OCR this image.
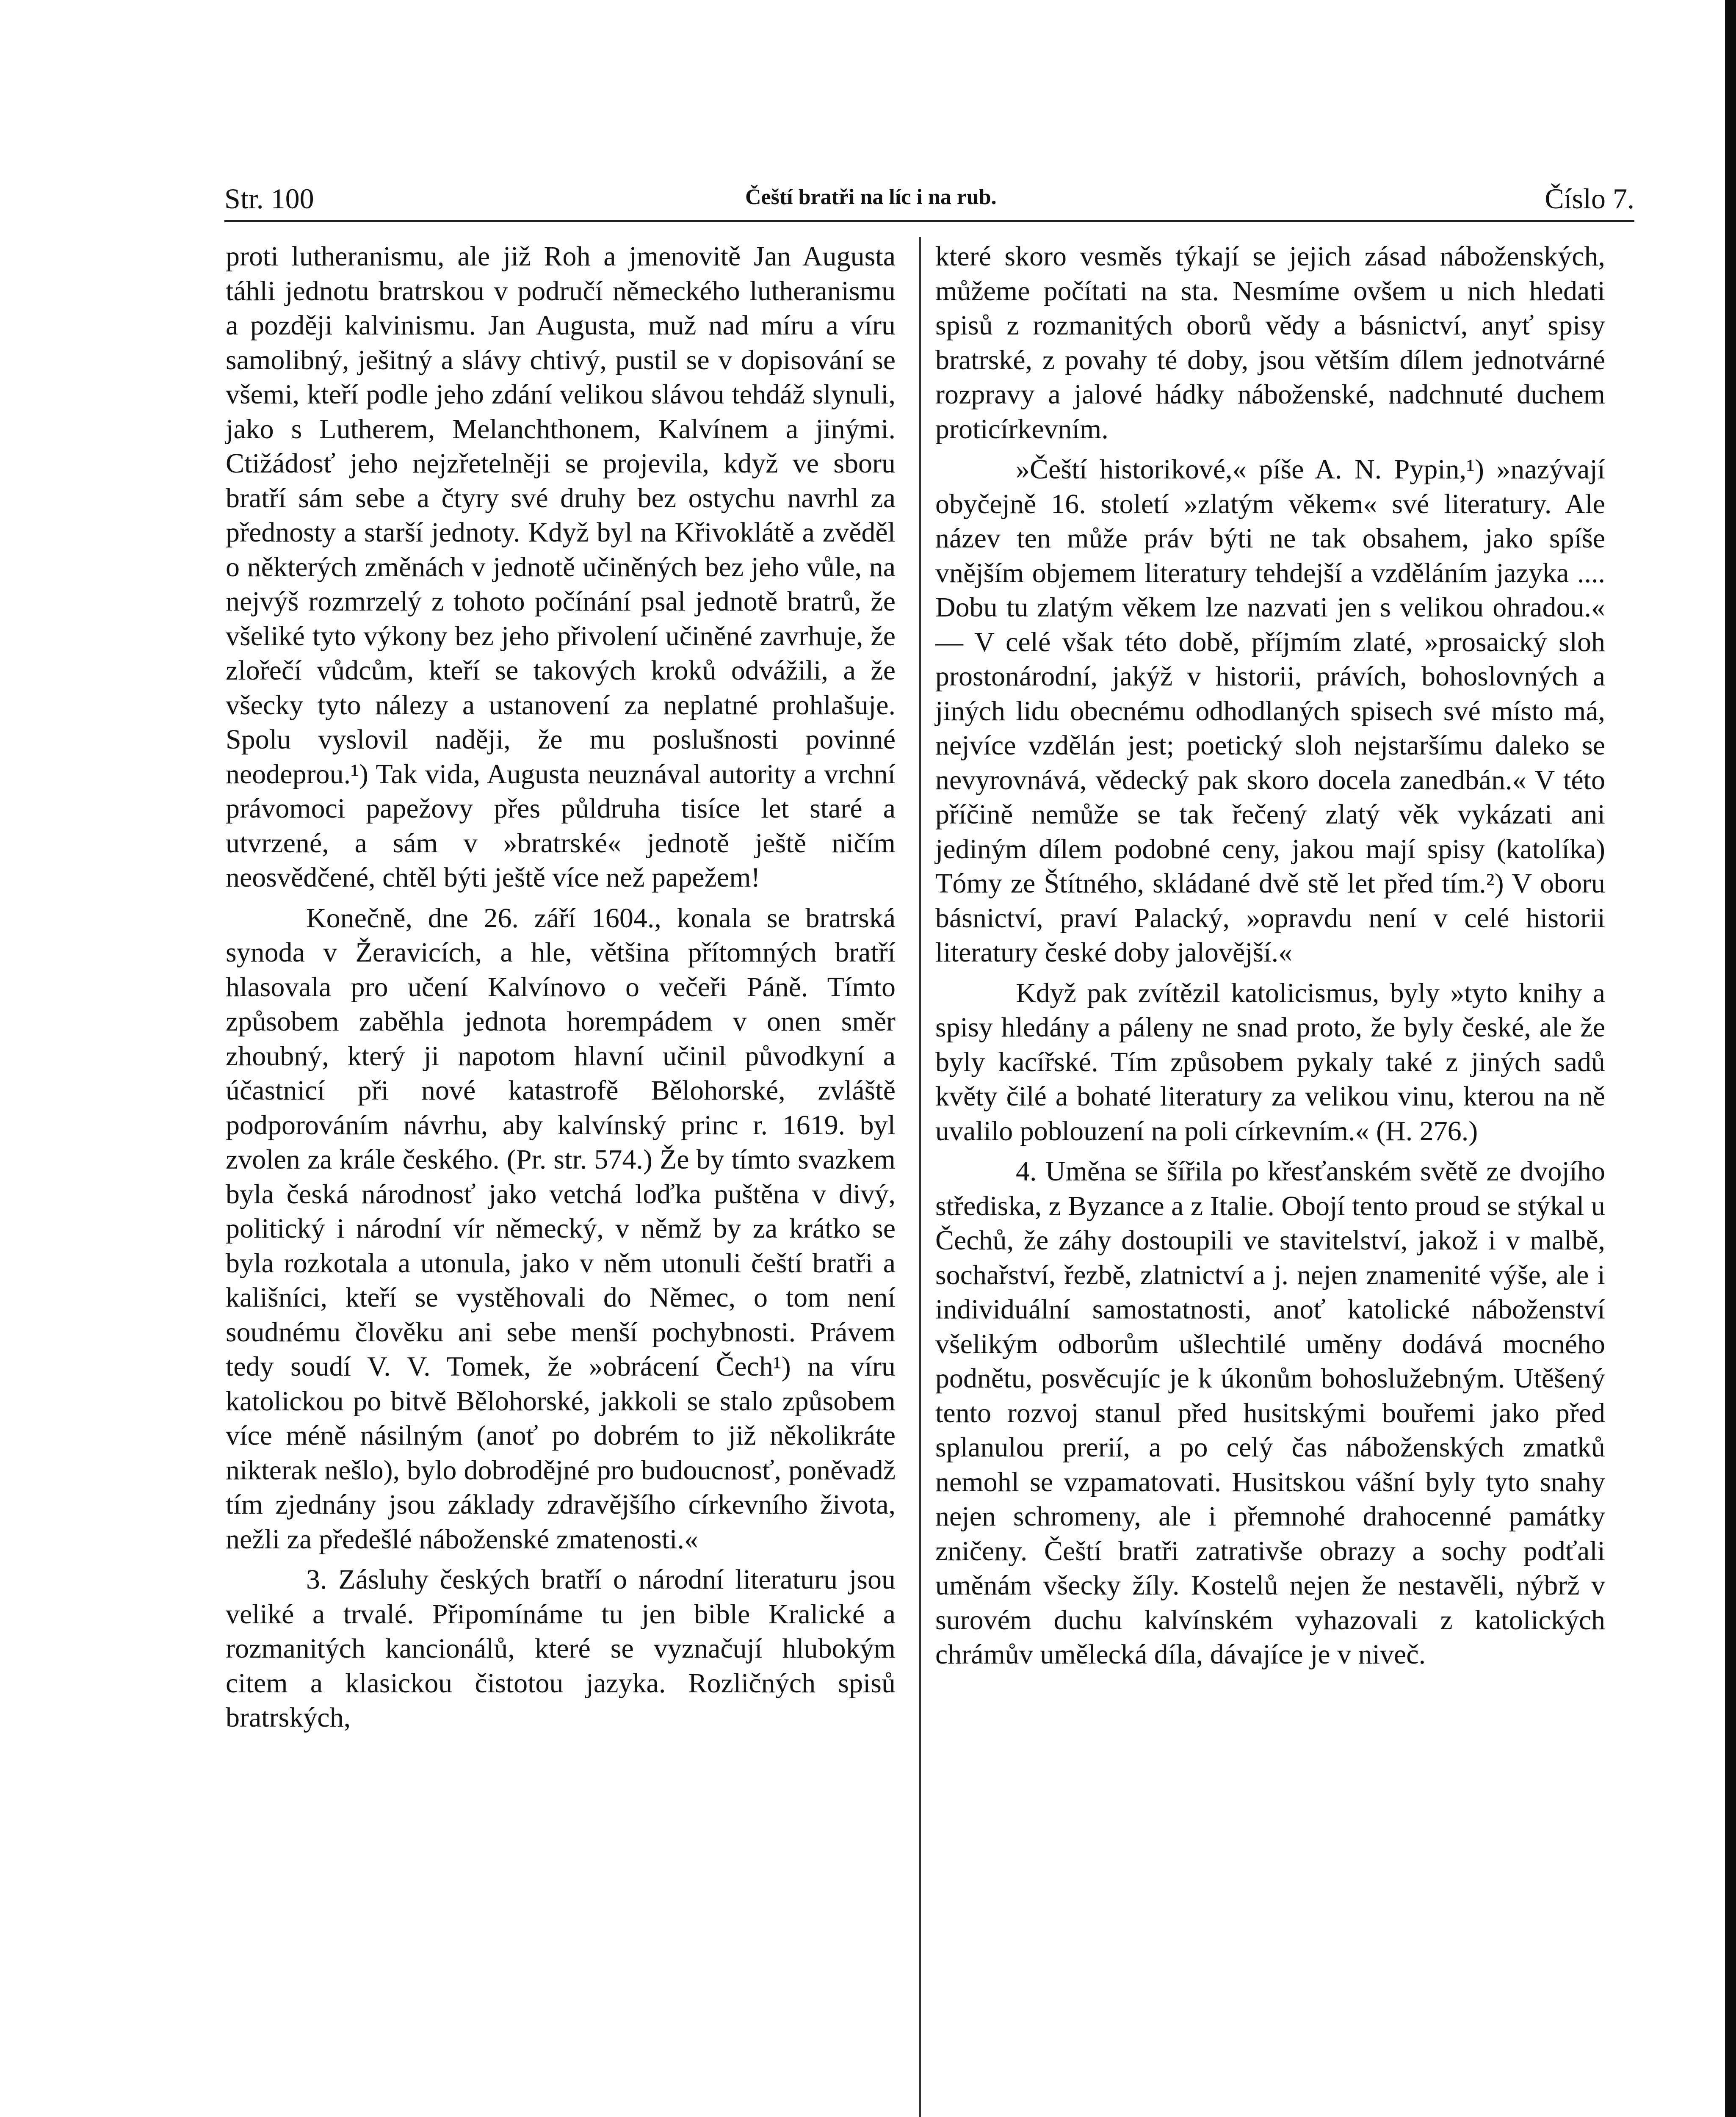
Str. 100	Čeští bratři na líc i na rub.	Číslo 7.

proti lutheranismu, ale již Roh a jmenovitě Jan Augusta táhli jednotu bratrskou v područí německého lutheranismu a později kalvinismu. Jan Augusta, muž nad míru a víru samolibný, ješitný a slávy chtivý, pustil se v dopisování se všemi, kteří podle jeho zdání velikou slávou tehdáž slynuli, jako s Lutherem, Melanchthonem, Kalvínem a jinými. Ctižádosť jeho nejzřetelněji se projevila, když ve sboru bratří sám sebe a čtyry své druhy bez ostychu navrhl za přednosty a starší jednoty. Když byl na Křivoklátě a zvěděl o některých změnách v jednotě učiněných bez jeho vůle, na nejvýš rozmrzelý z tohoto počínání psal jednotě bratrů, že všeliké tyto výkony bez jeho přivolení učiněné zavrhuje, že zlořečí vůdcům, kteří se takových kroků odvážili, a že všecky tyto nálezy a ustanovení za neplatné prohlašuje. Spolu vyslovil naději, že mu poslušnosti povinné neodeprou.¹) Tak vida, Augusta neuznával autority a vrchní právomoci papežovy přes půldruha tisíce let staré a utvrzené, a sám v »bratrské« jednotě ještě ničím neosvědčené, chtěl býti ještě více než papežem!

Konečně, dne 26. září 1604., konala se bratrská synoda v Žeravicích, a hle, většina přítomných bratří hlasovala pro učení Kalvínovo o večeři Páně. Tímto způsobem zaběhla jednota horempádem v onen směr zhoubný, který ji napotom hlavní učinil původkyní a účastnicí při nové katastrofě Bělohorské, zvláště podporováním návrhu, aby kalvínský princ r. 1619. byl zvolen za krále českého. (Pr. str. 574.) Že by tímto svazkem byla česká národnosť jako vetchá loďka puštěna v divý, politický i národní vír německý, v němž by za krátko se byla rozkotala a utonula, jako v něm utonuli čeští bratři a kališníci, kteří se vystěhovali do Němec, o tom není soudnému člověku ani sebe menší pochybnosti. Právem tedy soudí V. V. Tomek, že »obrácení Čech¹) na víru katolickou po bitvě Bělohorské, jakkoli se stalo způsobem více méně násilným (anoť po dobrém to již několikráte nikterak nešlo), bylo dobrodějné pro budoucnosť, poněvadž tím zjednány jsou základy zdravějšího církevního života, nežli za předešlé náboženské zmatenosti.«

3. Zásluhy českých bratří o národní literaturu jsou veliké a trvalé. Připomínáme tu jen bible Kralické a rozmanitých kancionálů, které se vyznačují hlubokým citem a klasickou čistotou jazyka. Rozličných spisů bratrských,

které skoro vesměs týkají se jejich zásad náboženských, můžeme počítati na sta. Nesmíme ovšem u nich hledati spisů z rozmanitých oborů vědy a básnictví, anyť spisy bratrské, z povahy té doby, jsou větším dílem jednotvárné rozpravy a jalové hádky náboženské, nadchnuté duchem proticírkevním.

»Čeští historikové,« píše A. N. Pypin,¹) »nazývají obyčejně 16. století »zlatým věkem« své literatury. Ale název ten může práv býti ne tak obsahem, jako spíše vnějším objemem literatury tehdejší a vzděláním jazyka .... Dobu tu zlatým věkem lze nazvati jen s velikou ohradou.« — V celé však této době, příjmím zlaté, »prosaický sloh prostonárodní, jakýž v historii, právích, bohoslovných a jiných lidu obecnému odhodlaných spisech své místo má, nejvíce vzdělán jest; poetický sloh nejstaršímu daleko se nevyrovnává, vědecký pak skoro docela zanedbán.« V této příčině nemůže se tak řečený zlatý věk vykázati ani jediným dílem podobné ceny, jakou mají spisy (katolíka) Tómy ze Štítného, skládané dvě stě let před tím.²) V oboru básnictví, praví Palacký, »opravdu není v celé historii literatury české doby jalovější.«

Když pak zvítězil katolicismus, byly »tyto knihy a spisy hledány a páleny ne snad proto, že byly české, ale že byly kacířské. Tím způsobem pykaly také z jiných sadů květy čilé a bohaté literatury za velikou vinu, kterou na ně uvalilo poblouzení na poli církevním.« (H. 276.)

4. Uměna se šířila po křesťanském světě ze dvojího střediska, z Byzance a z Italie. Obojí tento proud se stýkal u Čechů, že záhy dostoupili ve stavitelství, jakož i v malbě, sochařství, řezbě, zlatnictví a j. nejen znamenité výše, ale i individuální samostatnosti, anoť katolické náboženství všelikým odborům ušlechtilé uměny dodává mocného podnětu, posvěcujíc je k úkonům bohoslužebným. Utěšený tento rozvoj stanul před husitskými bouřemi jako před splanulou prerií, a po celý čas náboženských zmatků nemohl se vzpamatovati. Husitskou vášní byly tyto snahy nejen schromeny, ale i přemnohé drahocenné památky zničeny. Čeští bratři zatrativše obrazy a sochy podťali uměnám všecky žíly. Kostelů nejen že nestavěli, nýbrž v surovém duchu kalvínském vyhazovali z katolických chrámův umělecká díla, dávajíce je v niveč.
